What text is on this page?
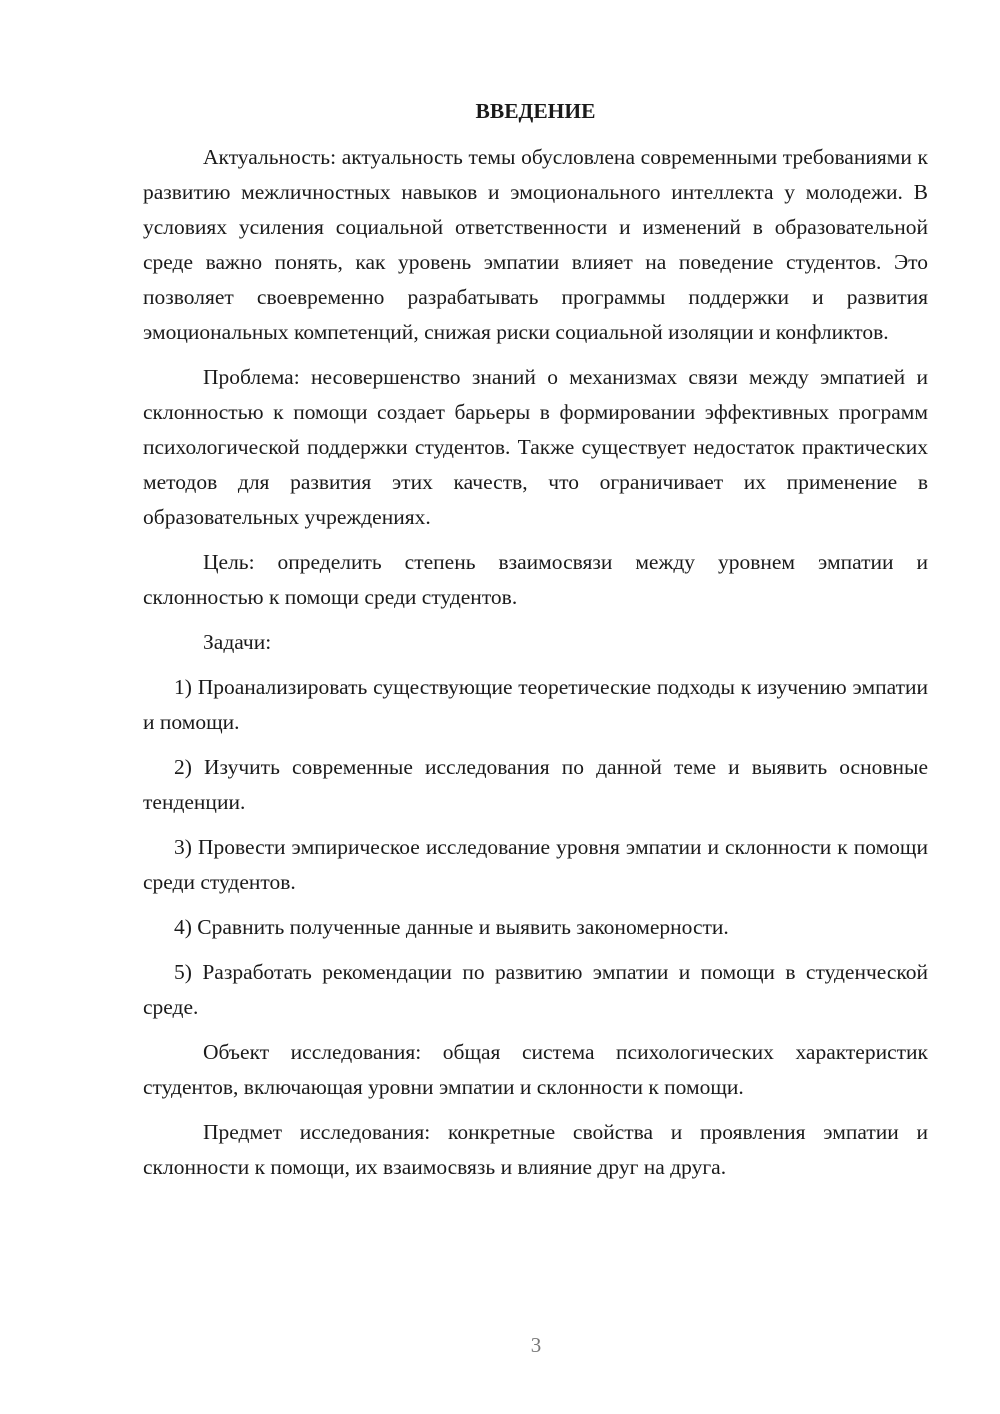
ВВЕДЕНИЕ

Актуальность: актуальность темы обусловлена современными требованиями к развитию межличностных навыков и эмоционального интеллекта у молодежи. В условиях усиления социальной ответственности и изменений в образовательной среде важно понять, как уровень эмпатии влияет на поведение студентов. Это позволяет своевременно разрабатывать программы поддержки и развития эмоциональных компетенций, снижая риски социальной изоляции и конфликтов.

Проблема: несовершенство знаний о механизмах связи между эмпатией и склонностью к помощи создает барьеры в формировании эффективных программ психологической поддержки студентов. Также существует недостаток практических методов для развития этих качеств, что ограничивает их применение в образовательных учреждениях.

Цель: определить степень взаимосвязи между уровнем эмпатии и склонностью к помощи среди студентов.

Задачи:

1) Проанализировать существующие теоретические подходы к изучению эмпатии и помощи.

2) Изучить современные исследования по данной теме и выявить основные тенденции.

3) Провести эмпирическое исследование уровня эмпатии и склонности к помощи среди студентов.

4) Сравнить полученные данные и выявить закономерности.

5) Разработать рекомендации по развитию эмпатии и помощи в студенческой среде.

Объект исследования: общая система психологических характеристик студентов, включающая уровни эмпатии и склонности к помощи.

Предмет исследования: конкретные свойства и проявления эмпатии и склонности к помощи, их взаимосвязь и влияние друг на друга.

3
